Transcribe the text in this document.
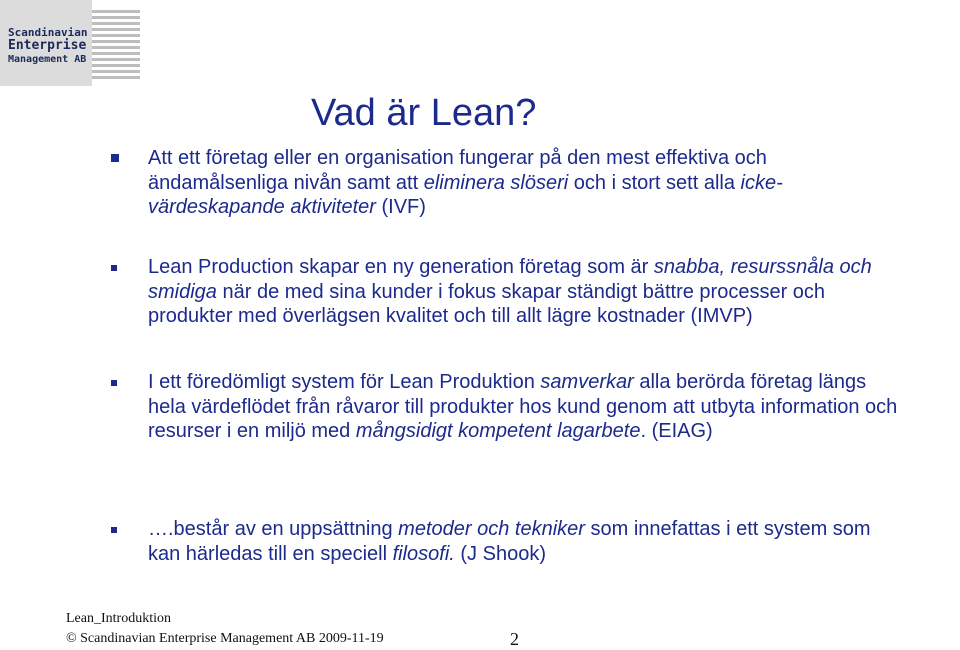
Scandinavian
Enterprise
Management AB
Vad är Lean?
Att ett företag eller en organisation fungerar på den mest effektiva och ändamålsenliga nivån samt att eliminera slöseri och i stort sett alla icke-värdeskapande aktiviteter (IVF)
Lean Production skapar en ny generation företag som är snabba, resurssnåla och smidiga när de med sina kunder i fokus skapar ständigt bättre processer och produkter med överlägsen kvalitet och till allt lägre kostnader (IMVP)
I ett föredömligt system för Lean Produktion samverkar alla berörda företag längs hela värdeflödet från råvaror till produkter hos kund genom att utbyta information och resurser i en miljö med mångsidigt kompetent lagarbete. (EIAG)
….består av en uppsättning metoder och tekniker som innefattas i ett system som kan härledas till en speciell filosofi. (J Shook)
Lean_Introduktion
© Scandinavian Enterprise Management AB 2009-11-19	2
